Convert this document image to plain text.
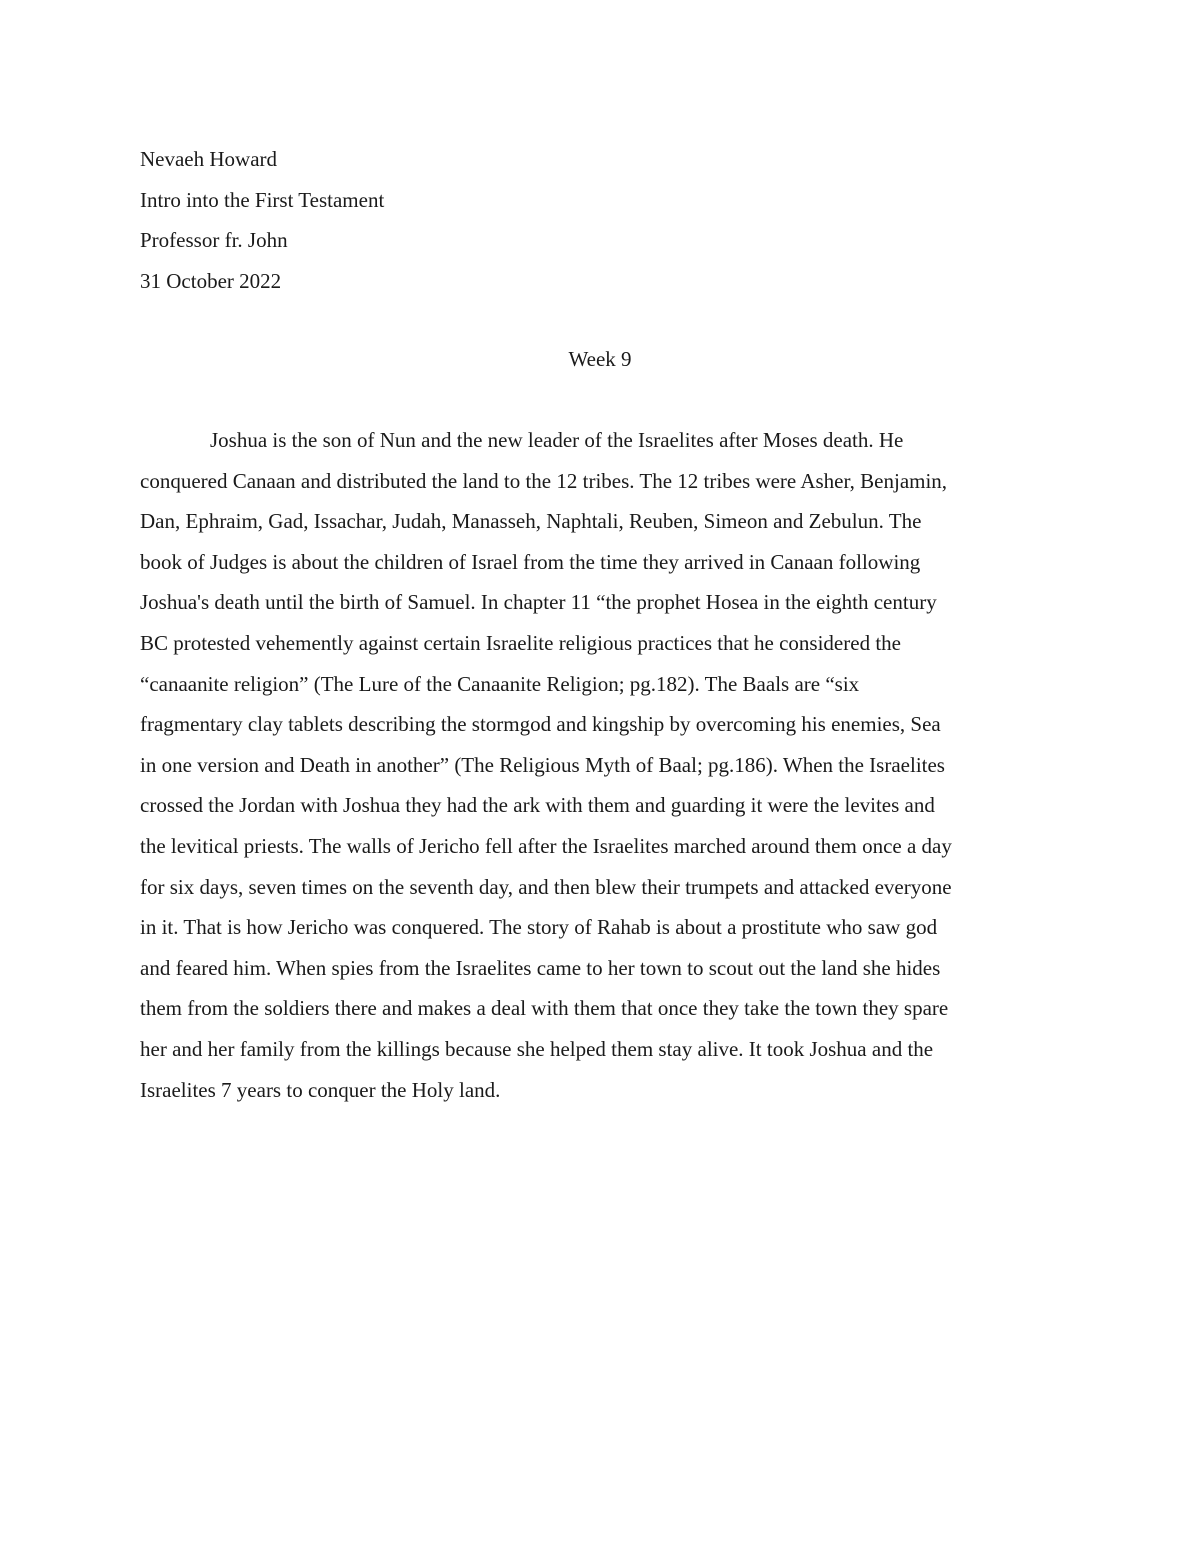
Nevaeh Howard
Intro into the First Testament
Professor fr. John
31 October 2022
Week 9
Joshua is the son of Nun and the new leader of the Israelites after Moses death. He
conquered Canaan and distributed the land to the 12 tribes. The 12 tribes were Asher, Benjamin,
Dan, Ephraim, Gad, Issachar, Judah, Manasseh, Naphtali, Reuben, Simeon and Zebulun. The
book of Judges is about the children of Israel from the time they arrived in Canaan following
Joshua's death until the birth of Samuel. In chapter 11 “the prophet Hosea in the eighth century
BC protested vehemently against certain Israelite religious practices that he considered the
“canaanite religion” (The Lure of the Canaanite Religion; pg.182). The Baals are “six
fragmentary clay tablets describing the stormgod and kingship by overcoming his enemies, Sea
in one version and Death in another” (The Religious Myth of Baal; pg.186). When the Israelites
crossed the Jordan with Joshua they had the ark with them and guarding it were the levites and
the levitical priests. The walls of Jericho fell after the Israelites marched around them once a day
for six days, seven times on the seventh day, and then blew their trumpets and attacked everyone
in it. That is how Jericho was conquered. The story of Rahab is about a prostitute who saw god
and feared him. When spies from the Israelites came to her town to scout out the land she hides
them from the soldiers there and makes a deal with them that once they take the town they spare
her and her family from the killings because she helped them stay alive. It took Joshua and the
Israelites 7 years to conquer the Holy land.
